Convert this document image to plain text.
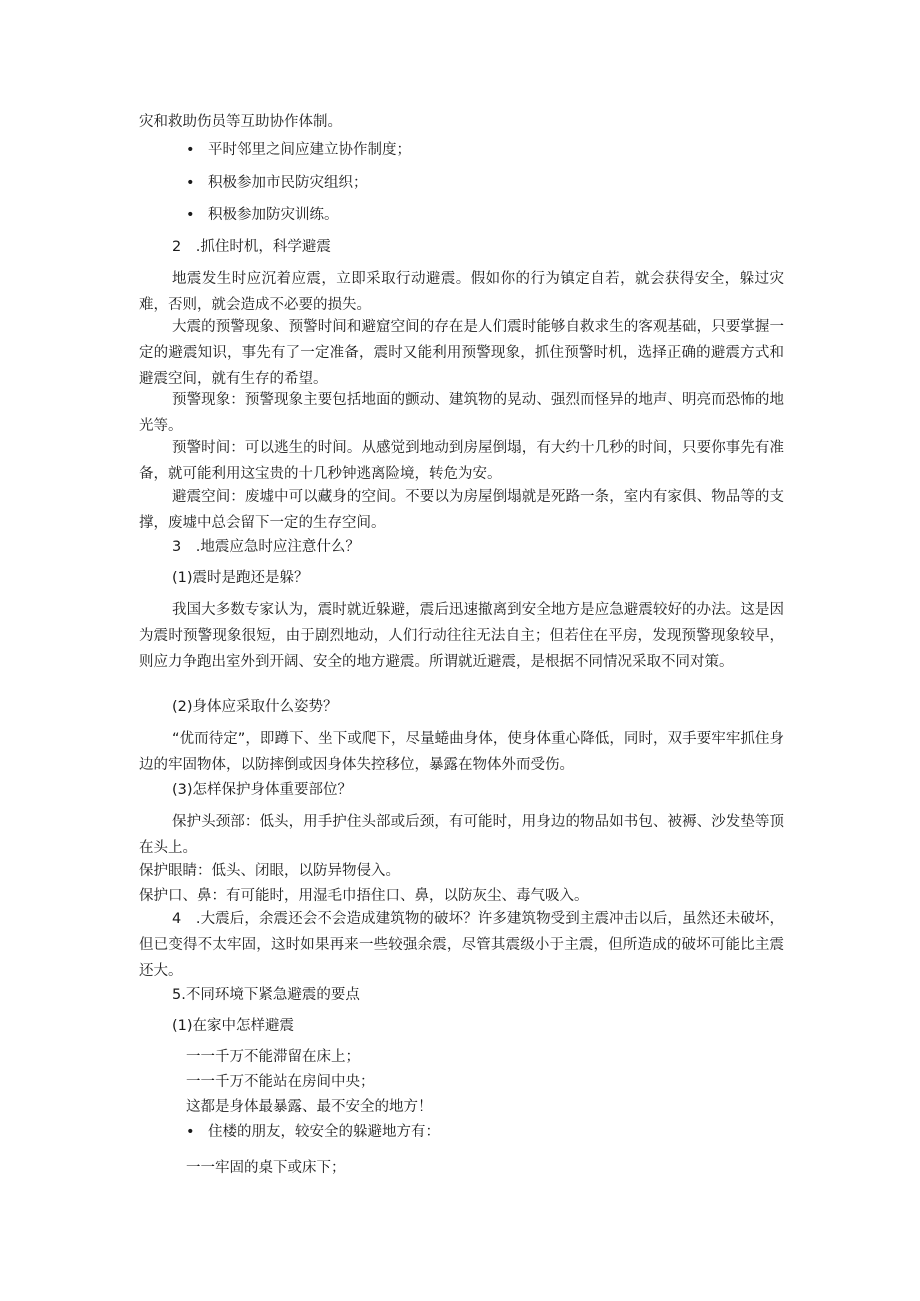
灾和救助伤员等互助协作体制。

• 平时邻里之间应建立协作制度；

• 积极参加市民防灾组织；

• 积极参加防灾训练。

2　.抓住时机，科学避震

地震发生时应沉着应震，立即采取行动避震。假如你的行为镇定自若，就会获得安全，躲过灾难，否则，就会造成不必要的损失。

大震的预警现象、预警时间和避窟空间的存在是人们震时能够自救求生的客观基础，只要掌握一定的避震知识，事先有了一定准备，震时又能利用预警现象，抓住预警时机，选择正确的避震方式和避震空间，就有生存的希望。

预警现象：预警现象主要包括地面的颤动、建筑物的晃动、强烈而怪异的地声、明亮而恐怖的地光等。

预警时间：可以逃生的时间。从感觉到地动到房屋倒塌，有大约十几秒的时间，只要你事先有准备，就可能利用这宝贵的十几秒钟逃离险境，转危为安。

避震空间：废墟中可以藏身的空间。不要以为房屋倒塌就是死路一条，室内有家俱、物品等的支撑，废墟中总会留下一定的生存空间。

3　.地震应急时应注意什么？

(1)震时是跑还是躲？

我国大多数专家认为，震时就近躲避，震后迅速撤离到安全地方是应急避震较好的办法。这是因为震时预警现象很短，由于剧烈地动，人们行动往往无法自主；但若住在平房，发现预警现象较早，则应力争跑出室外到开阔、安全的地方避震。所谓就近避震，是根据不同情况采取不同对策。

(2)身体应采取什么姿势？

“优而待定”，即蹲下、坐下或爬下，尽量蜷曲身体，使身体重心降低，同时，双手要牢牢抓住身边的牢固物体，以防摔倒或因身体失控移位，暴露在物体外而受伤。

(3)怎样保护身体重要部位？

保护头颈部：低头，用手护住头部或后颈，有可能时，用身边的物品如书包、被褥、沙发垫等顶在头上。

保护眼睛：低头、闭眼，以防异物侵入。

保护口、鼻：有可能时，用湿毛巾捂住口、鼻，以防灰尘、毒气吸入。

4　.大震后，余震还会不会造成建筑物的破坏？许多建筑物受到主震冲击以后，虽然还未破坏，但已变得不太牢固，这时如果再来一些较强余震，尽管其震级小于主震，但所造成的破坏可能比主震还大。

5.不同环境下紧急避震的要点

(1)在家中怎样避震

一一千万不能滞留在床上；

一一千万不能站在房间中央；

这都是身体最暴露、最不安全的地方！

• 住楼的朋友，较安全的躲避地方有：

一一牢固的桌下或床下；
